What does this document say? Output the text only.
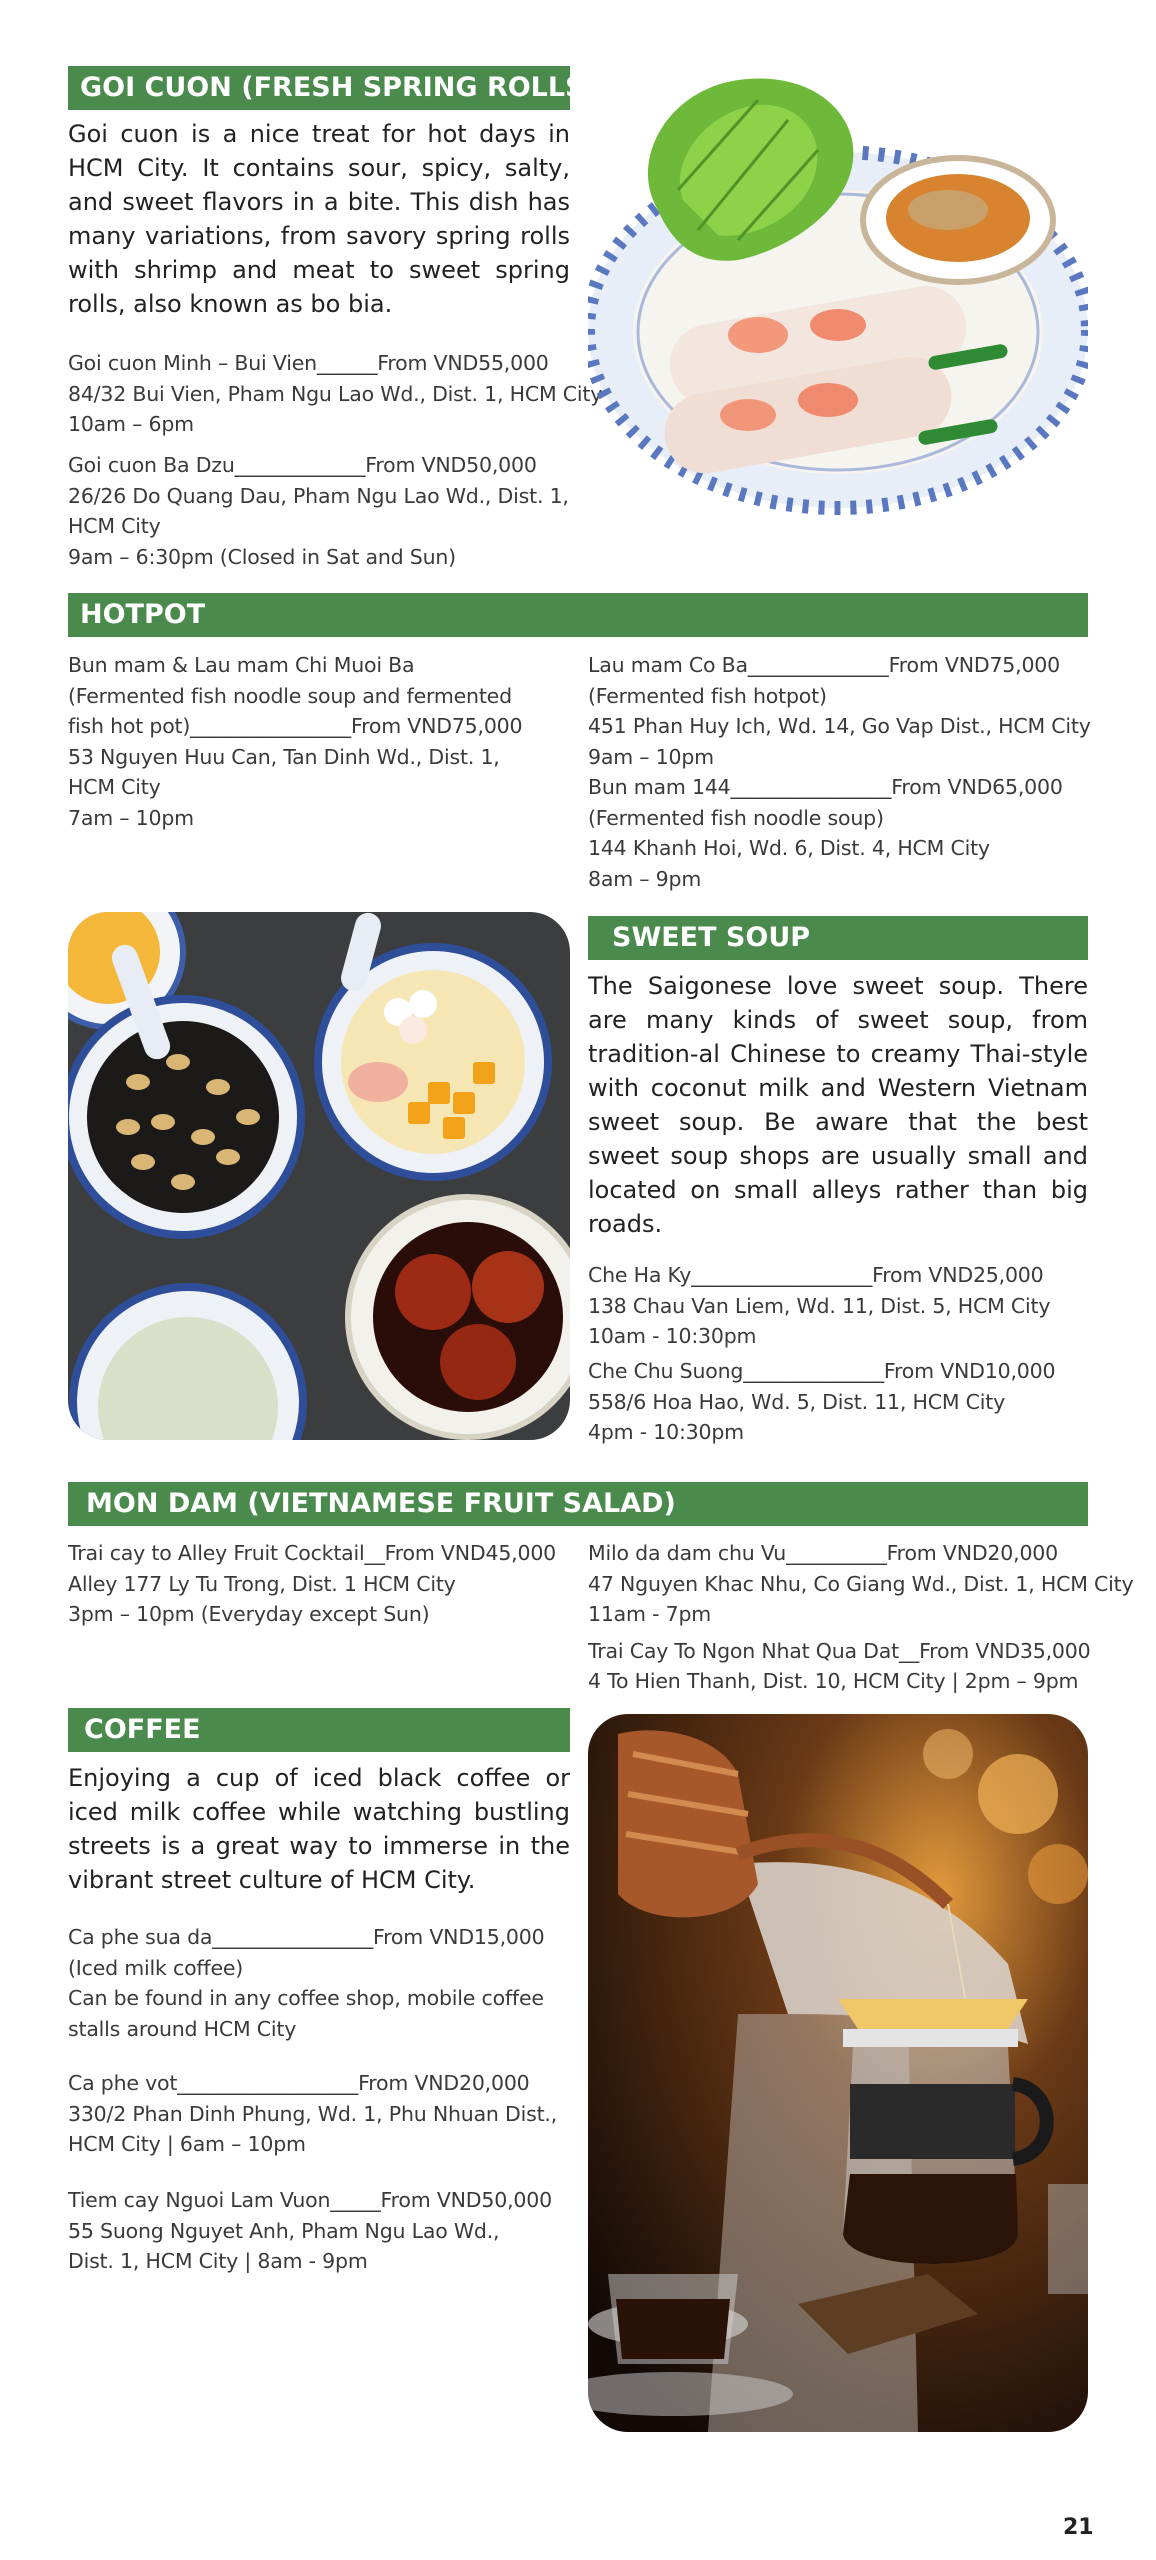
GOI CUON (FRESH SPRING ROLLS)
Goi cuon is a nice treat for hot days in HCM City. It contains sour, spicy, salty, and sweet flavors in a bite. This dish has many variations, from savory spring rolls with shrimp and meat to sweet spring rolls, also known as bo bia.
Goi cuon Minh – Bui Vien______From VND55,000
84/32 Bui Vien, Pham Ngu Lao Wd., Dist. 1, HCM City
10am – 6pm
Goi cuon Ba Dzu_____________From VND50,000
26/26 Do Quang Dau, Pham Ngu Lao Wd., Dist. 1,
HCM City
9am – 6:30pm (Closed in Sat and Sun)
HOTPOT
Bun mam & Lau mam Chi Muoi Ba
(Fermented fish noodle soup and fermented
fish hot pot)________________From VND75,000
53 Nguyen Huu Can, Tan Dinh Wd., Dist. 1,
HCM City
7am – 10pm
Lau mam Co Ba______________From VND75,000
(Fermented fish hotpot)
451 Phan Huy Ich, Wd. 14, Go Vap Dist., HCM City
9am – 10pm
Bun mam 144________________From VND65,000
(Fermented fish noodle soup)
144 Khanh Hoi, Wd. 6, Dist. 4, HCM City
8am – 9pm
SWEET SOUP
The Saigonese love sweet soup. There are many kinds of sweet soup, from tradition-al Chinese to creamy Thai-style with coconut milk and Western Vietnam sweet soup. Be aware that the best sweet soup shops are usually small and located on small alleys rather than big roads.
Che Ha Ky__________________From VND25,000
138 Chau Van Liem, Wd. 11, Dist. 5, HCM City
10am - 10:30pm
Che Chu Suong______________From VND10,000
558/6 Hoa Hao, Wd. 5, Dist. 11, HCM City
4pm - 10:30pm
MON DAM (VIETNAMESE FRUIT SALAD)
Trai cay to Alley Fruit Cocktail__From VND45,000
Alley 177 Ly Tu Trong, Dist. 1 HCM City
3pm – 10pm (Everyday except Sun)
Milo da dam chu Vu__________From VND20,000
47 Nguyen Khac Nhu, Co Giang Wd., Dist. 1, HCM City
11am - 7pm
Trai Cay To Ngon Nhat Qua Dat__From VND35,000
4 To Hien Thanh, Dist. 10, HCM City | 2pm – 9pm
COFFEE
Enjoying a cup of iced black coffee or iced milk coffee while watching bustling streets is a great way to immerse in the vibrant street culture of HCM City.
Ca phe sua da________________From VND15,000
(Iced milk coffee)
Can be found in any coffee shop, mobile coffee
stalls around HCM City
Ca phe vot__________________From VND20,000
330/2 Phan Dinh Phung, Wd. 1, Phu Nhuan Dist.,
HCM City | 6am – 10pm
Tiem cay Nguoi Lam Vuon_____From VND50,000
55 Suong Nguyet Anh, Pham Ngu Lao Wd.,
Dist. 1, HCM City | 8am - 9pm
21
